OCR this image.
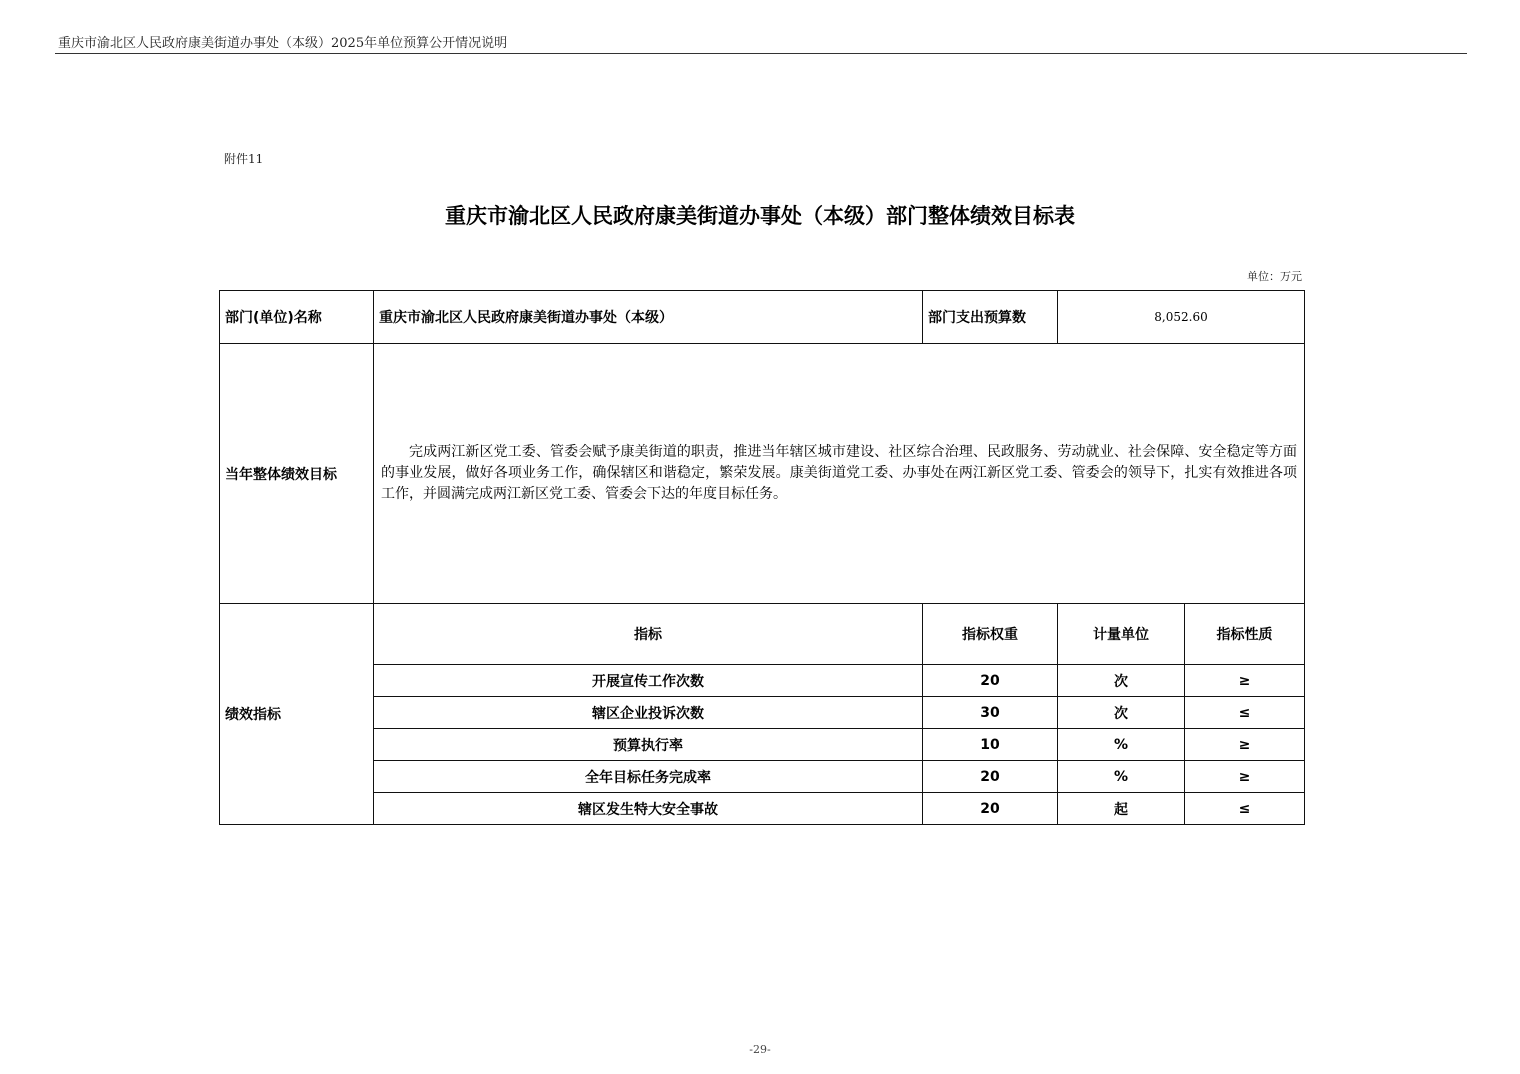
重庆市渝北区人民政府康美街道办事处（本级）2025年单位预算公开情况说明
附件11
重庆市渝北区人民政府康美街道办事处（本级）部门整体绩效目标表
单位：万元
部门(单位)名称	重庆市渝北区人民政府康美街道办事处（本级）	部门支出预算数	8,052.60		
当年整体绩效目标	完成两江新区党工委、管委会赋予康美街道的职责，推进当年辖区城市建设、社区综合治理、民政服务、劳动就业、社会保障、安全稳定等方面的事业发展，做好各项业务工作，确保辖区和谐稳定，繁荣发展。康美街道党工委、办事处在两江新区党工委、管委会的领导下，扎实有效推进各项工作，并圆满完成两江新区党工委、管委会下达的年度目标任务。				

绩效指标	指标	指标权重	计量单位	指标性质	
	开展宣传工作次数	20	次	≥	
	辖区企业投诉次数	30	次	≤	
	预算执行率	10	%	≥	
	全年目标任务完成率	20	%	≥	
	辖区发生特大安全事故	20	起	≤	
-29-
